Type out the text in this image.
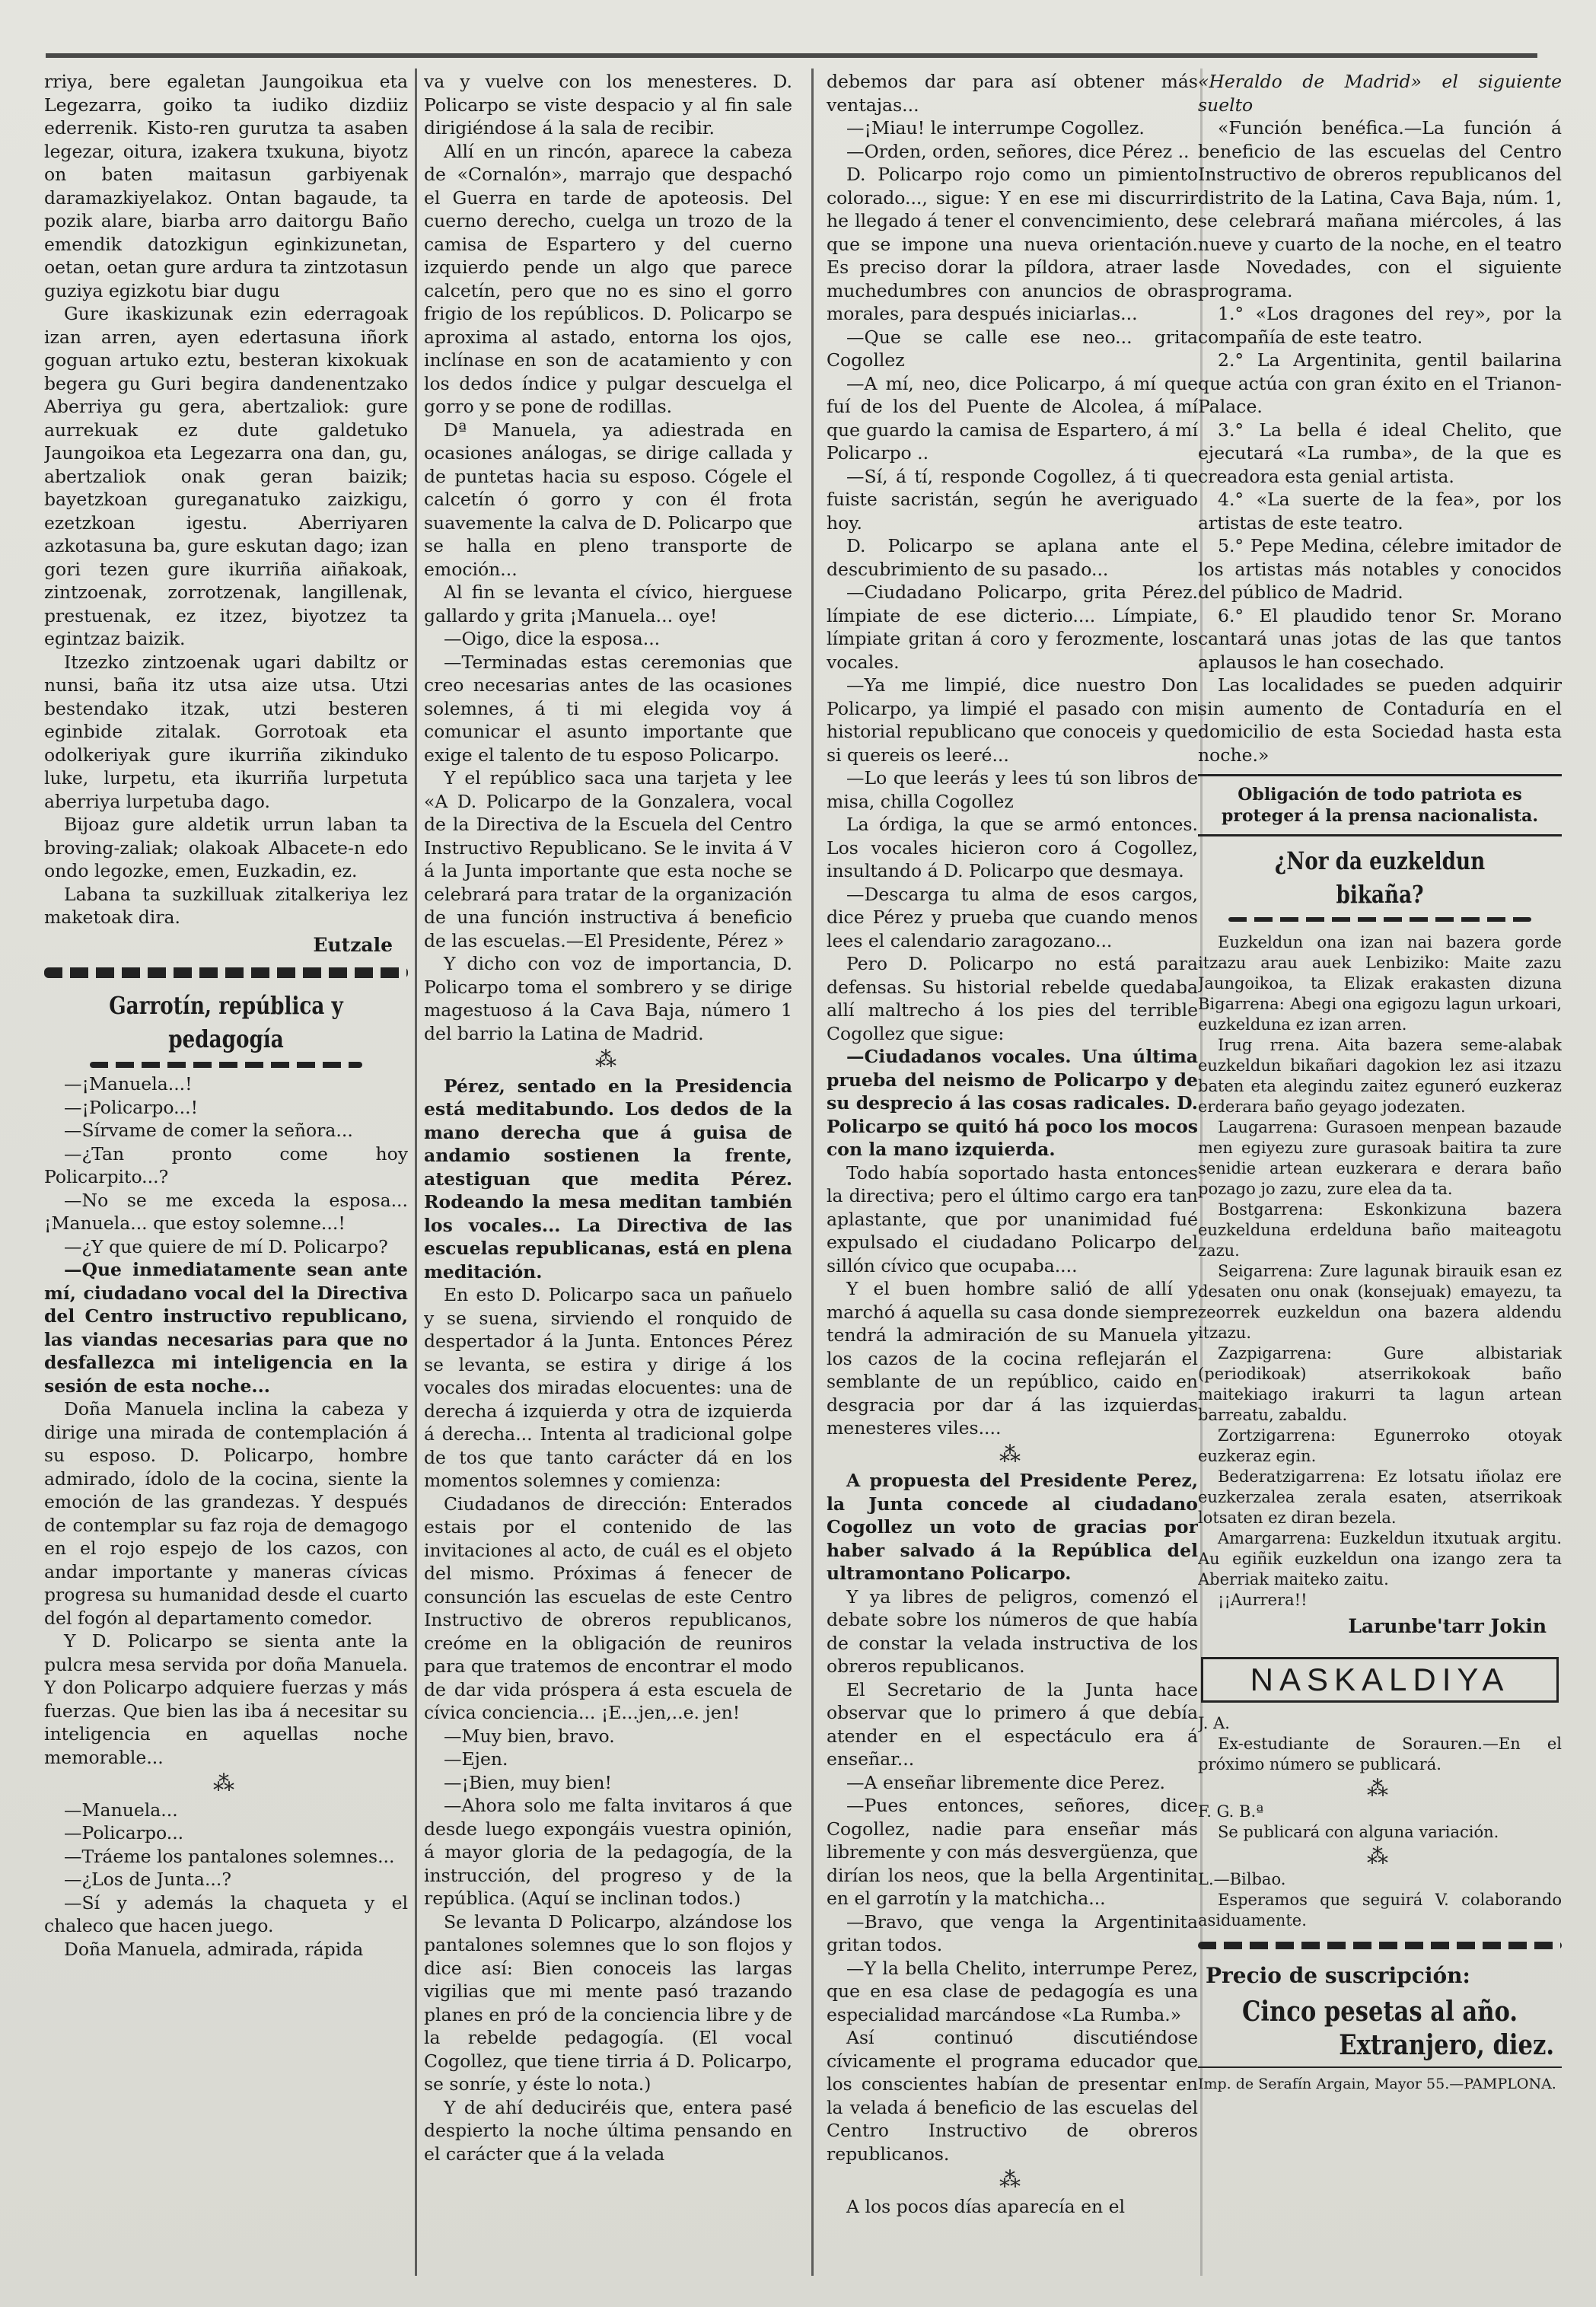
rriya, bere egaletan Jaungoikua eta Legezarra, goiko ta iudiko dizdiiz ederrenik. Kisto-ren gurutza ta asaben legezar, oitura, izakera txukuna, biyotz on baten maitasun garbiyenak daramazkiyelakoz. Ontan bagaude, ta pozik alare, biarba arro daitorgu Baño emendik datozkigun eginkizunetan, oetan, oetan gure ardura ta zintzotasun guziya egizkotu biar dugu

Gure ikaskizunak ezin ederragoak izan arren, ayen edertasuna iñork goguan artuko eztu, besteran kixokuak begera gu Guri begira dandenentzako Aberriya gu gera, abertzaliok: gure aurrekuak ez dute galdetuko Jaungoikoa eta Legezarra ona dan, gu, abertzaliok onak geran baizik; bayetzkoan gureganatuko zaizkigu, ezetzkoan igestu. Aberriyaren azkotasuna ba, gure eskutan dago; izan gori tezen gure ikurriña aiñakoak, zintzoenak, zorrotzenak, langillenak, prestuenak, ez itzez, biyotzez ta egintzaz baizik.

Itzezko zintzoenak ugari dabiltz or nunsi, baña itz utsa aize utsa. Utzi bestendako itzak, utzi besteren eginbide zitalak. Gorrotoak eta odolkeriyak gure ikurriña zikinduko luke, lurpetu, eta ikurriña lurpetuta aberriya lurpetuba dago.

Bijoaz gure aldetik urrun laban ta broving-zaliak; olakoak Albacete-n edo ondo legozke, emen, Euzkadin, ez.

Labana ta suzkilluak zitalkeriya lez maketoak dira.

Eutzale
Garrotín, república y pedagogía

—¡Manuela...!

—¡Policarpo...!

—Sírvame de comer la señora...

—¿Tan pronto come hoy Policarpito...?

—No se me exceda la esposa... ¡Manuela... que estoy solemne...!

—¿Y que quiere de mí D. Policarpo?

—Que inmediatamente sean ante mí, ciudadano vocal del la Directiva del Centro instructivo republicano, las viandas necesarias para que no desfallezca mi inteligencia en la sesión de esta noche...

Doña Manuela inclina la cabeza y dirige una mirada de contemplación á su esposo. D. Policarpo, hombre admirado, ídolo de la cocina, siente la emoción de las grandezas. Y después de contemplar su faz roja de demagogo en el rojo espejo de los cazos, con andar importante y maneras cívicas progresa su humanidad desde el cuarto del fogón al departamento comedor.

Y D. Policarpo se sienta ante la pulcra mesa servida por doña Manuela. Y don Policarpo adquiere fuerzas y más fuerzas. Que bien las iba á necesitar su inteligencia en aquellas noche memorable...

⁂

—Manuela...

—Policarpo...

—Tráeme los pantalones solemnes...

—¿Los de Junta...?

—Sí y además la chaqueta y el chaleco que hacen juego.

Doña Manuela, admirada, rápida

va y vuelve con los menesteres. D. Policarpo se viste despacio y al fin sale dirigiéndose á la sala de recibir.

Allí en un rincón, aparece la cabeza de «Cornalón», marrajo que despachó el Guerra en tarde de apoteosis. Del cuerno derecho, cuelga un trozo de la camisa de Espartero y del cuerno izquierdo pende un algo que parece calcetín, pero que no es sino el gorro frigio de los repúblicos. D. Policarpo se aproxima al astado, entorna los ojos, inclínase en son de acatamiento y con los dedos índice y pulgar descuelga el gorro y se pone de rodillas.

Dª Manuela, ya adiestrada en ocasiones análogas, se dirige callada y de puntetas hacia su esposo. Cógele el calcetín ó gorro y con él frota suavemente la calva de D. Policarpo que se halla en pleno transporte de emoción...

Al fin se levanta el cívico, hierguese gallardo y grita ¡Manuela... oye!

—Oigo, dice la esposa...

—Terminadas estas ceremonias que creo necesarias antes de las ocasiones solemnes, á ti mi elegida voy á comunicar el asunto importante que exige el talento de tu esposo Policarpo.

Y el repúblico saca una tarjeta y lee «A D. Policarpo de la Gonzalera, vocal de la Directiva de la Escuela del Centro Instructivo Republicano. Se le invita á V á la Junta importante que esta noche se celebrará para tratar de la organización de una función instructiva á beneficio de las escuelas.—El Presidente, Pérez »

Y dicho con voz de importancia, D. Policarpo toma el sombrero y se dirige magestuoso á la Cava Baja, número 1 del barrio la Latina de Madrid.

⁂

Pérez, sentado en la Presidencia está meditabundo. Los dedos de la mano derecha que á guisa de andamio sostienen la frente, atestiguan que medita Pérez. Rodeando la mesa meditan también los vocales... La Directiva de las escuelas republicanas, está en plena meditación.

En esto D. Policarpo saca un pañuelo y se suena, sirviendo el ronquido de despertador á la Junta. Entonces Pérez se levanta, se estira y dirige á los vocales dos miradas elocuentes: una de derecha á izquierda y otra de izquierda á derecha... Intenta al tradicional golpe de tos que tanto carácter dá en los momentos solemnes y comienza:

Ciudadanos de dirección: Enterados estais por el contenido de las invitaciones al acto, de cuál es el objeto del mismo. Próximas á fenecer de consunción las escuelas de este Centro Instructivo de obreros republicanos, creóme en la obligación de reuniros para que tratemos de encontrar el modo de dar vida próspera á esta escuela de cívica conciencia... ¡E...jen,..e. jen!

—Muy bien, bravo.

—Ejen.

—¡Bien, muy bien!

—Ahora solo me falta invitaros á que desde luego expongáis vuestra opinión, á mayor gloria de la pedagogía, de la instrucción, del progreso y de la república. (Aquí se inclinan todos.)

Se levanta D Policarpo, alzándose los pantalones solemnes que lo son flojos y dice así: Bien conoceis las largas vigilias que mi mente pasó trazando planes en pró de la conciencia libre y de la rebelde pedagogía. (El vocal Cogollez, que tiene tirria á D. Policarpo, se sonríe, y éste lo nota.)

Y de ahí deduciréis que, entera pasé despierto la noche última pensando en el carácter que á la velada

debemos dar para así obtener más ventajas...

—¡Miau! le interrumpe Cogollez.

—Orden, orden, señores, dice Pérez ..

D. Policarpo rojo como un pimiento colorado..., sigue: Y en ese mi discurrir he llegado á tener el convencimiento, de que se impone una nueva orientación. Es preciso dorar la píldora, atraer las muchedumbres con anuncios de obras morales, para después iniciarlas...

—Que se calle ese neo... grita Cogollez

—A mí, neo, dice Policarpo, á mí que fuí de los del Puente de Alcolea, á mí que guardo la camisa de Espartero, á mí Policarpo ..

—Sí, á tí, responde Cogollez, á ti que fuiste sacristán, según he averiguado hoy.

D. Policarpo se aplana ante el descubrimiento de su pasado...

—Ciudadano Policarpo, grita Pérez. límpiate de ese dicterio.... Límpiate, límpiate gritan á coro y ferozmente, los vocales.

—Ya me limpié, dice nuestro Don Policarpo, ya limpié el pasado con mi historial republicano que conoceis y que si quereis os leeré...

—Lo que leerás y lees tú son libros de misa, chilla Cogollez

La órdiga, la que se armó entonces. Los vocales hicieron coro á Cogollez, insultando á D. Policarpo que desmaya.

—Descarga tu alma de esos cargos, dice Pérez y prueba que cuando menos lees el calendario zaragozano...

Pero D. Policarpo no está para defensas. Su historial rebelde quedaba allí maltrecho á los pies del terrible Cogollez que sigue:

—Ciudadanos vocales. Una última prueba del neismo de Policarpo y de su desprecio á las cosas radicales. D. Policarpo se quitó há poco los mocos con la mano izquierda.

Todo había soportado hasta entonces la directiva; pero el último cargo era tan aplastante, que por unanimidad fué expulsado el ciudadano Policarpo del sillón cívico que ocupaba....

Y el buen hombre salió de allí y marchó á aquella su casa donde siempre tendrá la admiración de su Manuela y los cazos de la cocina reflejarán el semblante de un repúblico, caido en desgracia por dar á las izquierdas menesteres viles....

⁂

A propuesta del Presidente Perez, la Junta concede al ciudadano Cogollez un voto de gracias por haber salvado á la República del ultramontano Policarpo.

Y ya libres de peligros, comenzó el debate sobre los números de que había de constar la velada instructiva de los obreros republicanos.

El Secretario de la Junta hace observar que lo primero á que debía atender en el espectáculo era á enseñar...

—A enseñar libremente dice Perez.

—Pues entonces, señores, dice Cogollez, nadie para enseñar más libremente y con más desvergüenza, que dirían los neos, que la bella Argentinita en el garrotín y la matchicha...

—Bravo, que venga la Argentinita gritan todos.

—Y la bella Chelito, interrumpe Perez, que en esa clase de pedagogía es una especialidad marcándose «La Rumba.»

Así continuó discutiéndose cívicamente el programa educador que los conscientes habían de presentar en la velada á beneficio de las escuelas del Centro Instructivo de obreros republicanos.

⁂

A los pocos días aparecía en el

«Heraldo de Madrid» el siguiente suelto

«Función benéfica.—La función á beneficio de las escuelas del Centro Instructivo de obreros republicanos del distrito de la Latina, Cava Baja, núm. 1, se celebrará mañana miércoles, á las nueve y cuarto de la noche, en el teatro de Novedades, con el siguiente programa.

1.° «Los dragones del rey», por la compañía de este teatro.

2.° La Argentinita, gentil bailarina que actúa con gran éxito en el Trianon-Palace.

3.° La bella é ideal Chelito, que ejecutará «La rumba», de la que es creadora esta genial artista.

4.° «La suerte de la fea», por los artistas de este teatro.

5.° Pepe Medina, célebre imitador de los artistas más notables y conocidos del público de Madrid.

6.° El plaudido tenor Sr. Morano cantará unas jotas de las que tantos aplausos le han cosechado.

Las localidades se pueden adquirir sin aumento de Contaduría en el domicilio de esta Sociedad hasta esta noche.»

Obligación de todo patriota es proteger á la prensa nacionalista.
¿Nor da euzkeldun bikaña?

Euzkeldun ona izan nai bazera gorde itzazu arau auek Lenbiziko: Maite zazu Jaungoikoa, ta Elizak erakasten dizuna Bigarrena: Abegi ona egigozu lagun urkoari, euzkelduna ez izan arren.

Irug rrena. Aita bazera seme-alabak euzkeldun bikañari dagokion lez asi itzazu baten eta alegindu zaitez eguneró euzkeraz erderara baño geyago jodezaten.

Laugarrena: Gurasoen menpean bazaude men egiyezu zure gurasoak baitira ta zure senidie artean euzkerara e derara baño pozago jo zazu, zure elea da ta.

Bostgarrena: Eskonkizuna bazera euzkelduna erdelduna baño maiteagotu zazu.

Seigarrena: Zure lagunak birauik esan ez desaten onu onak (konsejuak) emayezu, ta zeorrek euzkeldun ona bazera aldendu itzazu.

Zazpigarrena: Gure albistariak (periodikoak) atserrikokoak baño maitekiago irakurri ta lagun artean barreatu, zabaldu.

Zortzigarrena: Egunerroko otoyak euzkeraz egin.

Bederatzigarrena: Ez lotsatu iñolaz ere euzkerzalea zerala esaten, atserrikoak lotsaten ez diran bezela.

Amargarrena: Euzkeldun itxutuak argitu. Au egiñik euzkeldun ona izango zera ta Aberriak maiteko zaitu.

¡¡Aurrera!!

Larunbe'tarr Jokin
NASKALDIYA

J. A.

Ex-estudiante de Sorauren.—En el próximo número se publicará.

⁂

F. G. B.ª

Se publicará con alguna variación.

⁂

L.—Bilbao.

Esperamos que seguirá V. colaborando asiduamente.

Precio de suscripción:
Cinco pesetas al año.
Extranjero, diez.
Imp. de Serafín Argain, Mayor 55.—PAMPLONA.
